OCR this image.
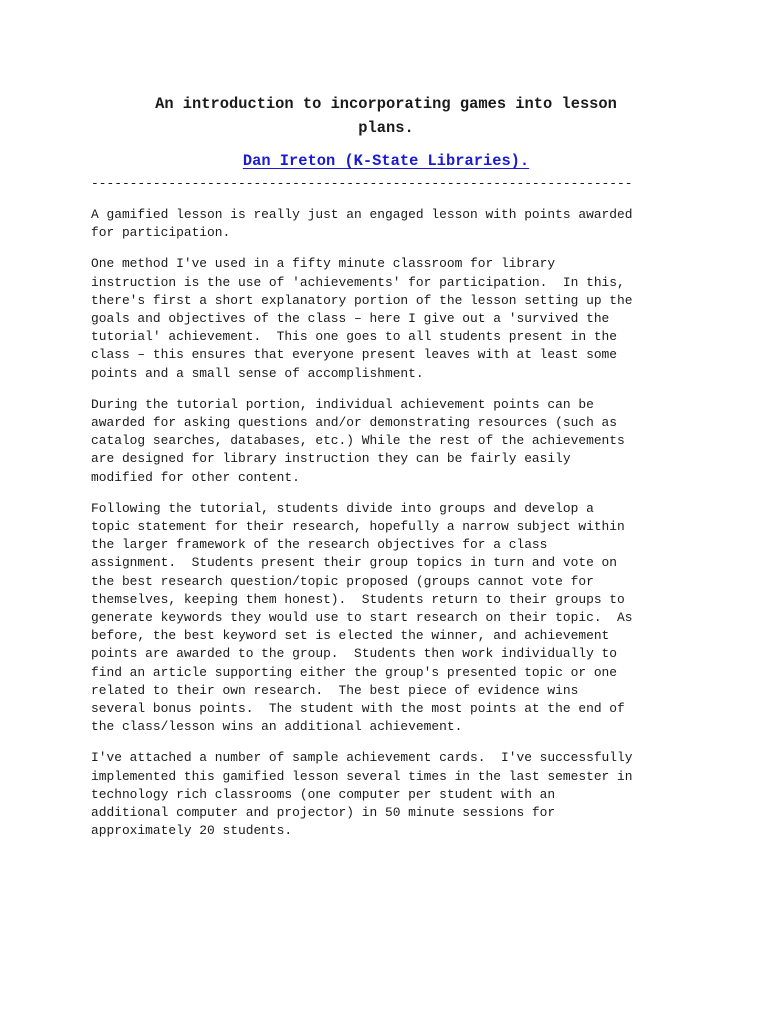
An introduction to incorporating games into lesson
plans.
Dan Ireton (K-State Libraries).
----------------------------------------------------------------------

A gamified lesson is really just an engaged lesson with points awarded
for participation.

One method I've used in a fifty minute classroom for library
instruction is the use of 'achievements' for participation.  In this,
there's first a short explanatory portion of the lesson setting up the
goals and objectives of the class – here I give out a 'survived the
tutorial' achievement.  This one goes to all students present in the
class – this ensures that everyone present leaves with at least some
points and a small sense of accomplishment.

During the tutorial portion, individual achievement points can be
awarded for asking questions and/or demonstrating resources (such as
catalog searches, databases, etc.) While the rest of the achievements
are designed for library instruction they can be fairly easily
modified for other content.

Following the tutorial, students divide into groups and develop a
topic statement for their research, hopefully a narrow subject within
the larger framework of the research objectives for a class
assignment.  Students present their group topics in turn and vote on
the best research question/topic proposed (groups cannot vote for
themselves, keeping them honest).  Students return to their groups to
generate keywords they would use to start research on their topic.  As
before, the best keyword set is elected the winner, and achievement
points are awarded to the group.  Students then work individually to
find an article supporting either the group's presented topic or one
related to their own research.  The best piece of evidence wins
several bonus points.  The student with the most points at the end of
the class/lesson wins an additional achievement.

I've attached a number of sample achievement cards.  I've successfully
implemented this gamified lesson several times in the last semester in
technology rich classrooms (one computer per student with an
additional computer and projector) in 50 minute sessions for
approximately 20 students.
